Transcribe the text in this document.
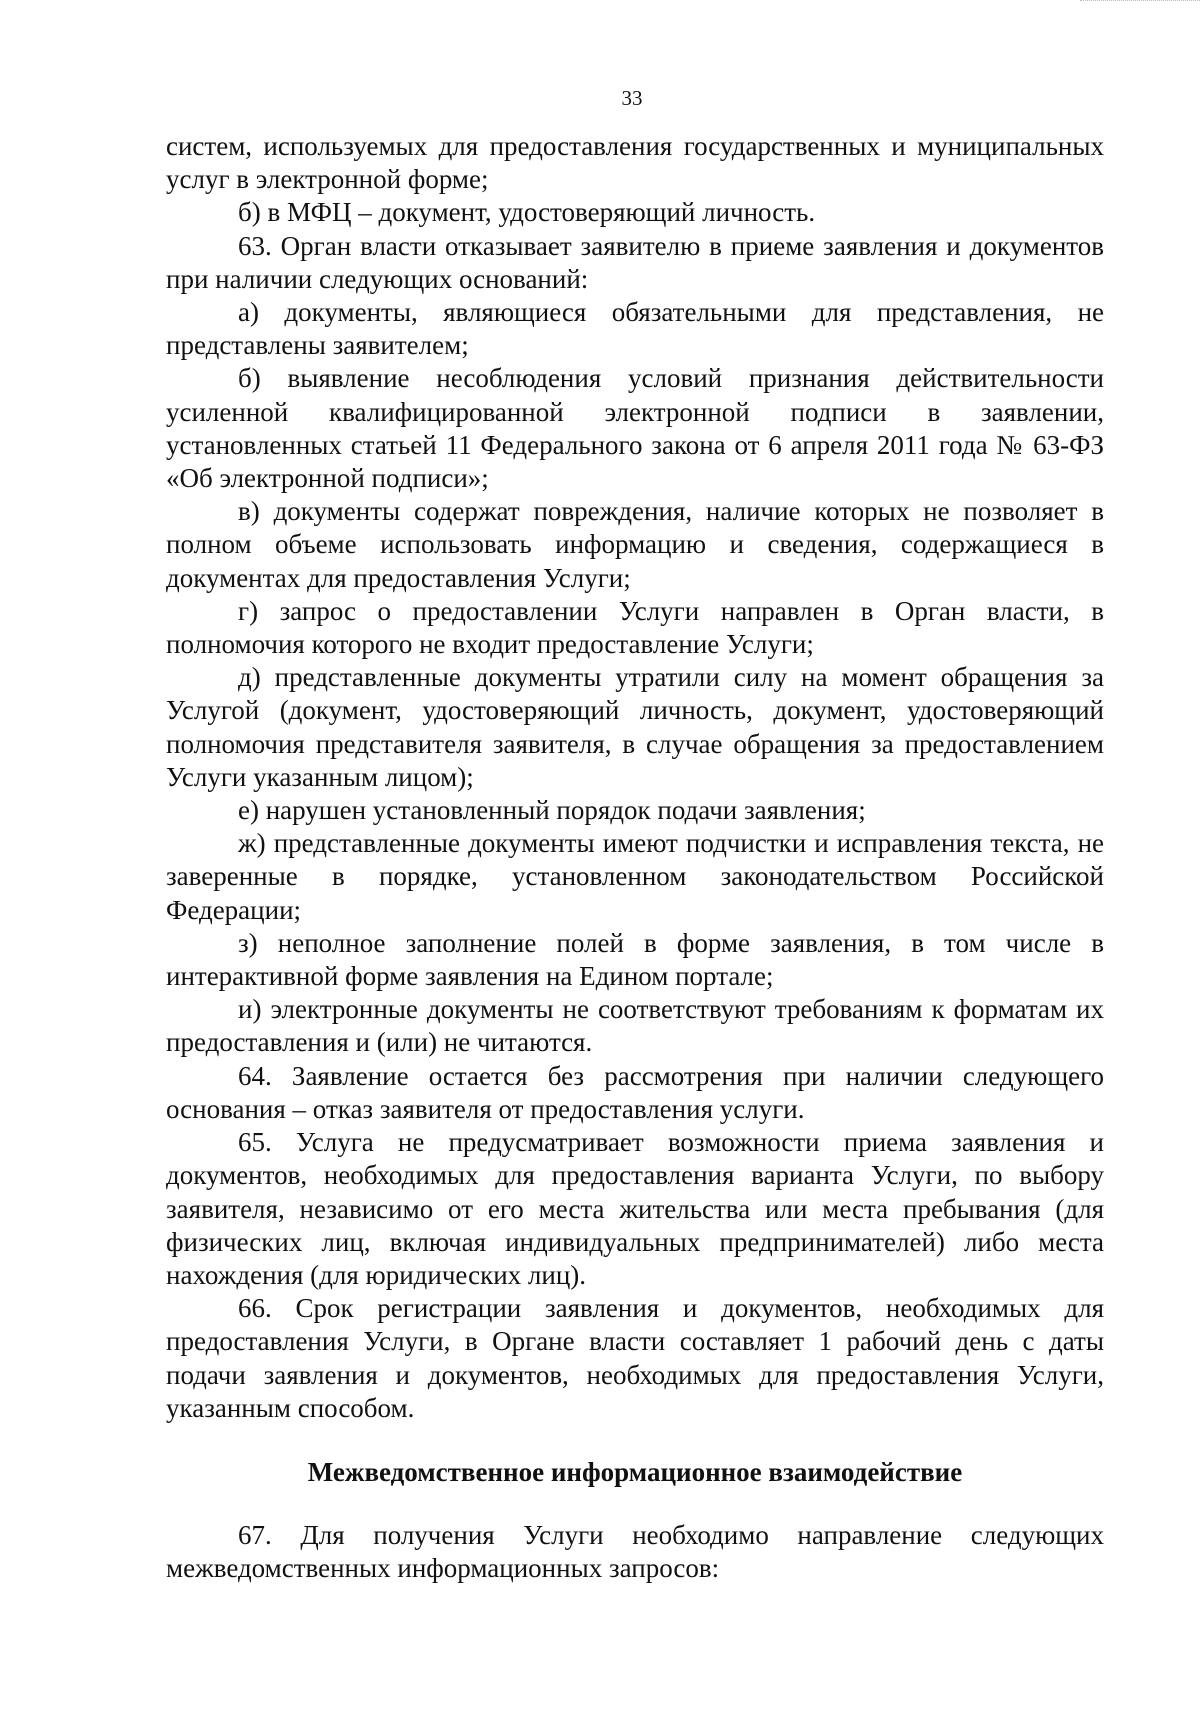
33

систем, используемых для предоставления государственных и муниципальных услуг в электронной форме;

б) в МФЦ – документ, удостоверяющий личность.

63. Орган власти отказывает заявителю в приеме заявления и документов при наличии следующих оснований:

а) документы, являющиеся обязательными для представления, не представлены заявителем;

б) выявление несоблюдения условий признания действительности усиленной квалифицированной электронной подписи в заявлении, установленных статьей 11 Федерального закона от 6 апреля 2011 года № 63-ФЗ «Об электронной подписи»;

в) документы содержат повреждения, наличие которых не позволяет в полном объеме использовать информацию и сведения, содержащиеся в документах для предоставления Услуги;

г) запрос о предоставлении Услуги направлен в Орган власти, в полномочия которого не входит предоставление Услуги;

д) представленные документы утратили силу на момент обращения за Услугой (документ, удостоверяющий личность, документ, удостоверяющий полномочия представителя заявителя, в случае обращения за предоставлением Услуги указанным лицом);

е) нарушен установленный порядок подачи заявления;

ж) представленные документы имеют подчистки и исправления текста, не заверенные в порядке, установленном законодательством Российской Федерации;

з) неполное заполнение полей в форме заявления, в том числе в интерактивной форме заявления на Едином портале;

и) электронные документы не соответствуют требованиям к форматам их предоставления и (или) не читаются.

64. Заявление остается без рассмотрения при наличии следующего основания – отказ заявителя от предоставления услуги.

65. Услуга не предусматривает возможности приема заявления и документов, необходимых для предоставления варианта Услуги, по выбору заявителя, независимо от его места жительства или места пребывания (для физических лиц, включая индивидуальных предпринимателей) либо места нахождения (для юридических лиц).

66. Срок регистрации заявления и документов, необходимых для предоставления Услуги, в Органе власти составляет 1 рабочий день с даты подачи заявления и документов, необходимых для предоставления Услуги, указанным способом.

Межведомственное информационное взаимодействие

67. Для получения Услуги необходимо направление следующих межведомственных информационных запросов:
